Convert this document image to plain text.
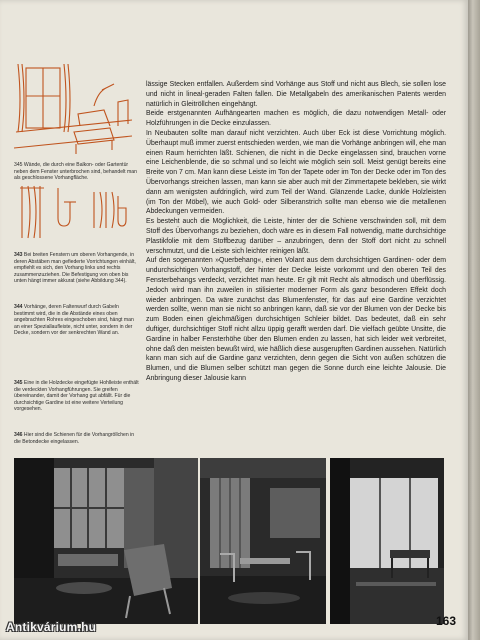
345 Wände, die durch eine Balkon- oder Gartentür neben dem Fenster unterbrochen sind, behandelt man als geschlossene Vorhangfläche.

343 Bei breiten Fenstern um oberen Vorhangende, in deren Abstäben man gefiederte Vorrichtungen einhält, empfiehlt es sich, den Vorhang links und rechts zusammenzuziehen. Die Befestigung von oben bis unten hängt immer akkurat (siehe Abbildung 344).

344 Vorhänge, deren Faltenwurf durch Gabeln bestimmt wird, die in die Abstände eines oben angebrachten Rohres eingeschoben sind, hängt man an einer Speziallaufleiste, nicht unter, sondern in der Decke, sondern vor der senkrechten Wand an.

345 Eine in die Holzdecke eingefügte Hohlleiste enthält die verdeckten Vorhangführungen. Sie greifen übereinander, damit der Vorhang gut abfällt. Für die durchsichtige Gardine ist eine weitere Verteilung vorgesehen.

346 Hier sind die Schienen für die Vorhangröllchen in die Betondecke eingelassen.

lässige Stecken entfallen. Außerdem sind Vorhänge aus Stoff und nicht aus Blech, sie sollen lose und nicht in lineal-geraden Falten fallen. Die Metallgabeln des amerikanischen Patents werden natürlich in Gleitröllchen eingehängt.

Beide erstgenannten Aufhängearten machen es möglich, die dazu notwendigen Metall- oder Holzführungen in die Decke einzulassen.

In Neubauten sollte man darauf nicht verzichten. Auch über Eck ist diese Vorrichtung möglich. Überhaupt muß immer zuerst entschieden werden, wie man die Vorhänge anbringen will, ehe man einen Raum herrichten läßt. Schienen, die nicht in die Decke eingelassen sind, brauchen vorne eine Leichenblende, die so schmal und so leicht wie möglich sein soll. Meist genügt bereits eine Breite von 7 cm. Man kann diese Leiste im Ton der Tapete oder im Ton der Decke oder im Ton des Übervorhangs streichen lassen, man kann sie aber auch mit der Zimmertapete bekleben, sie wirkt dann am wenigsten aufdringlich, wird zum Teil der Wand. Glänzende Lacke, dunkle Holzleisten (im Ton der Möbel), wie auch Gold- oder Silberanstrich sollte man ebenso wie die metallenen Abdeckungen vermeiden.

Es besteht auch die Möglichkeit, die Leiste, hinter der die Schiene verschwinden soll, mit dem Stoff des Übervorhangs zu beziehen, doch wäre es in diesem Fall notwendig, matte durchsichtige Plastikfolie mit dem Stoffbezug darüber – anzubringen, denn der Stoff dort nicht zu schnell verschmutzt, und die Leiste sich leichter reinigen läßt.

Auf den sogenannten »Querbehang«, einen Volant aus dem durchsichtigen Gardinen- oder dem undurchsichtigen Vorhangstoff, der hinter der Decke leiste vorkommt und den oberen Teil des Fensterbehangs verdeckt, verzichtet man heute. Er gilt mit Recht als altmodisch und überflüssig. Jedoch wird man ihn zuweilen in stilisierter moderner Form als ganz besonderen Effekt doch wieder anbringen. Da wäre zunächst das Blumenfenster, für das auf eine Gardine verzichtet werden sollte, wenn man sie nicht so anbringen kann, daß sie vor der Blumen von der Decke bis zum Boden einen gleichmäßigen durchsichtigen Schleier bildet. Das bedeutet, daß ein sehr duftiger, durchsichtiger Stoff nicht allzu üppig gerafft werden darf. Die vielfach geübte Unsitte, die Gardine in halber Fensterhöhe über den Blumen enden zu lassen, hat sich leider weit verbreitet, ohne daß den meisten bewußt wird, wie häßlich diese ausgerupften Gardinen aussehen. Natürlich kann man sich auf die Gardine ganz verzichten, denn gegen die Sicht von außen schützen die Blumen, und die Blumen selber schützt man gegen die Sonne durch eine leichte Jalousie. Die Anbringung dieser Jalousie kann

163
Antikvárium.hu
